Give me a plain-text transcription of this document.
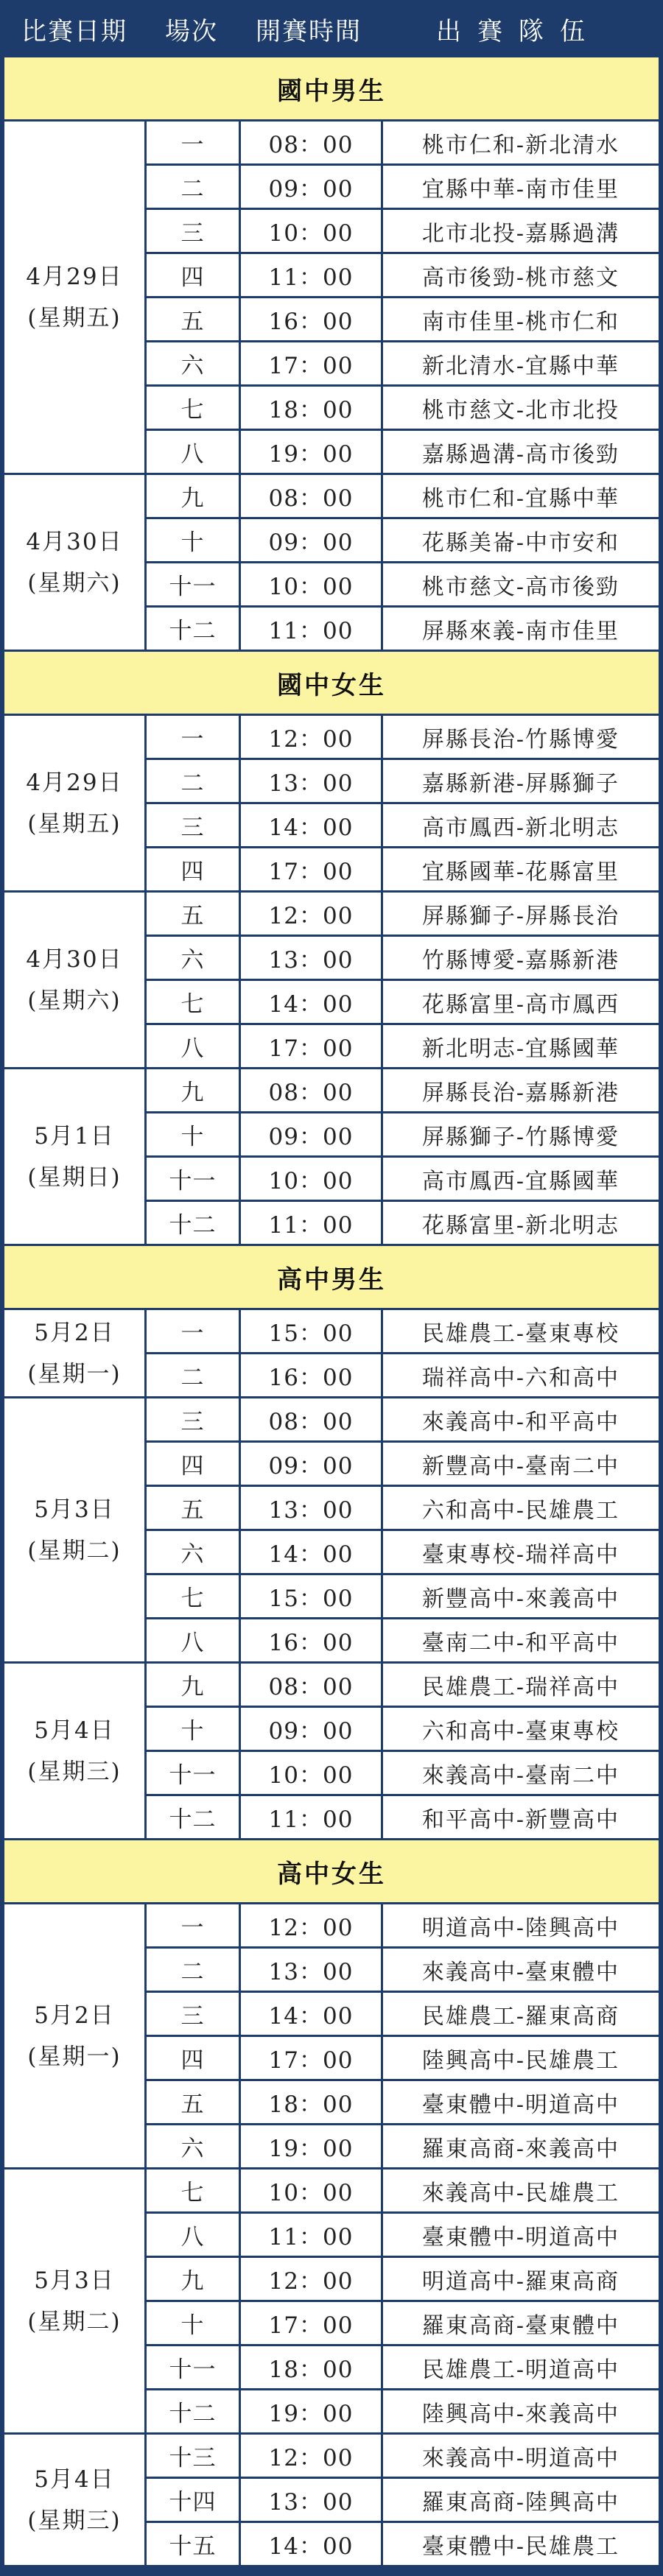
比賽日期	場次	開賽時間	出賽隊伍
國中男生
4月29日
(星期五)
一	08：00	桃市仁和-新北清水
二	09：00	宜縣中華-南市佳里
三	10：00	北市北投-嘉縣過溝
四	11：00	高市後勁-桃市慈文
五	16：00	南市佳里-桃市仁和
六	17：00	新北清水-宜縣中華
七	18：00	桃市慈文-北市北投
八	19：00	嘉縣過溝-高市後勁
4月30日
(星期六)
九	08：00	桃市仁和-宜縣中華
十	09：00	花縣美崙-中市安和
十一	10：00	桃市慈文-高市後勁
十二	11：00	屏縣來義-南市佳里
國中女生
4月29日
(星期五)
一	12：00	屏縣長治-竹縣博愛
二	13：00	嘉縣新港-屏縣獅子
三	14：00	高市鳳西-新北明志
四	17：00	宜縣國華-花縣富里
4月30日
(星期六)
五	12：00	屏縣獅子-屏縣長治
六	13：00	竹縣博愛-嘉縣新港
七	14：00	花縣富里-高市鳳西
八	17：00	新北明志-宜縣國華
5月1日
(星期日)
九	08：00	屏縣長治-嘉縣新港
十	09：00	屏縣獅子-竹縣博愛
十一	10：00	高市鳳西-宜縣國華
十二	11：00	花縣富里-新北明志
高中男生
5月2日
(星期一)
一	15：00	民雄農工-臺東專校
二	16：00	瑞祥高中-六和高中
5月3日
(星期二)
三	08：00	來義高中-和平高中
四	09：00	新豐高中-臺南二中
五	13：00	六和高中-民雄農工
六	14：00	臺東專校-瑞祥高中
七	15：00	新豐高中-來義高中
八	16：00	臺南二中-和平高中
5月4日
(星期三)
九	08：00	民雄農工-瑞祥高中
十	09：00	六和高中-臺東專校
十一	10：00	來義高中-臺南二中
十二	11：00	和平高中-新豐高中
高中女生
5月2日
(星期一)
一	12：00	明道高中-陸興高中
二	13：00	來義高中-臺東體中
三	14：00	民雄農工-羅東高商
四	17：00	陸興高中-民雄農工
五	18：00	臺東體中-明道高中
六	19：00	羅東高商-來義高中
5月3日
(星期二)
七	10：00	來義高中-民雄農工
八	11：00	臺東體中-明道高中
九	12：00	明道高中-羅東高商
十	17：00	羅東高商-臺東體中
十一	18：00	民雄農工-明道高中
十二	19：00	陸興高中-來義高中
5月4日
(星期三)
十三	12：00	來義高中-明道高中
十四	13：00	羅東高商-陸興高中
十五	14：00	臺東體中-民雄農工
